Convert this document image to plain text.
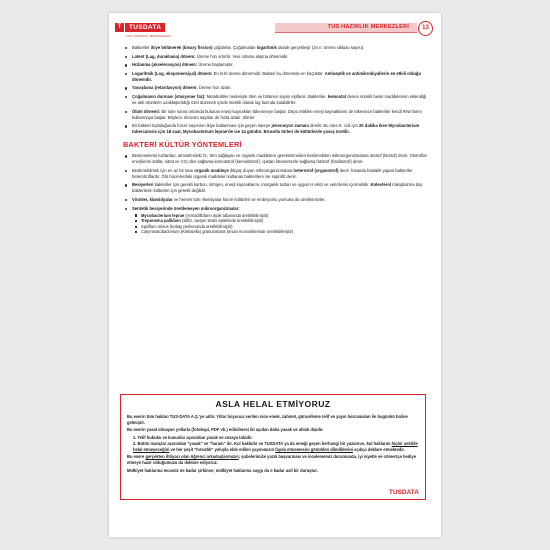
T	TUSDATA
TUS HAZIRLIK MERKEZLERİ
TUS HAZIRLIK MERKEZLERİ	13
Bakteriler ikiye bölünerek (binary fission) çoğalırlar. Çoğalmaları logaritmik olarak gerçekleşir (2n n: üreme siklusu sayısı).
Latent (Lag, duraklama) dönem: Üreme hızı sıfırdır. Yeni ortama alışma dönemidir.
Hızlanma (akselerasyon) dönem: Üreme başlamıştır.
Logaritmik (Log, eksponensiyal) dönem: En hızlı üreme dönemidir. Bakteri bu dönemde en küçüktür. Antiseptik ve antimikrobiyallerin en etkili olduğu dönemdir.
Yavaşlama (retardasyon) dönem: Üreme hızı azalır.
Çoğalmanın durması (stasyoner faz): Metabolitler nedeniyle ölen ve bölünen sayısı eşitlenir. Bakteriler, kemostat denen sürekli besin maddelerinin eklendiği ve atık ürünlerin uzaklaştırıldığı özel düzenek içinde sürekli olarak log fazında kalabilirler.
Ölüm dönemi: Bir süre sonra ortamda bulunan enerji kaynakları tükenmeye başlar. Depo ettikleri enerji kaynaklarıni de tükenince bakteriler kendi RNA'larını kullanmaya başlar. Böylece ribozom sayıları de hızla azalır, ölürler.
Bir bakteri topluluğunda hücre sayısının ikiye katlanması için geçen süreye jenerasyon zamanı denilir. Bu süre E. coli için 20 dakika iken Mycobacterium tuberculosis için 18 saat, Mycobacterium leprae'de ise 14 gündür. Brucella türleri de kültürlerde yavaş üretilir.
BAKTERİ KÜLTÜR YÖNTEMLERİ
Besinmelerini tuzlardan, atmosferdeki O₂ 'den sağlayan ve organik maddelere gereksinmeden beslenebilen mikroorganizmalara ototrof (litotrof) denir. Ototroflar enerjilerini sülfat, nitrat ve CO₂'den sağlarsa kemototrof (kemolitotrof), ışıktan fotosentezle sağlarsa fototrof (fotolitotrof) denir.
Beslenebilmek için en az bir tane organik maddeye ihtiyaç duyan mikroorganizmalara heterotrof (organotrof) denir. İnsanda hastalık yapan bakteriler heterotroflardır. Ölü hücrelerdeki organik maddeleri kullanan bakterilere ise saprofit denir.
Besiyerleri bakteriler için gerekli karbon, nitrojen, enerji kaynaklarını, inorganik tuzları ve uygun H ekizi ve vericilerini içermelidir. Kolesterol mikoplazma dışı bakterilerin kültürleri için gerekli değildir.
Virüsler, klamidyalar ve hemen tüm riketsiyalar hücre kültürleri ve embriyonlu yumurta da üretilemezler.
Sentetik besiyerinde üretilemeyen mikroorganizmalar:
Mycobacterium leprae (Armadilloların ayak tabanında üretilebilmiştir)
Treponema pallidum (sifiliz, tavşan testis epitelinde üretilebilmiştir)
Spirillum minus (kobay peritonunda üretilebilmiştir)
Calymmatobacterium (Klebsiella) granulomatis (insan monositlerinde üretilebilmiştir)
ASLA HELAL ETMİYORUZ

Bu eserin tüm hakları TUS-DATA A.Ş.'ye aittir. Yıllar boyunca verilen nice emek, zahmet, güncelleme telif ve yayın harcamaları ile bugünkü haline gelmiştir.

Bu eserin yasal olmayan yollarla (fotokopi, PDF vb.) edinilmesi iki açıdan daha yasak ve ahlak dışıdır.

1. Telif hukuku ve kanunlar açısından yasak ve cezaya tabidir.

2. Bütün inançlar açısından "yasak" ve "haram" dır. Kul hakkıdır ve TUSDATA ya da emeği geçen herhangi bir yazarının, kul haklarını hiçbir şekilde helal etmeyeceğini ve her çeşit "hırsızlık" yoluyla elde edilen yayınımızın fayda etmemesini gönülden dilediklerini açıkça deklare etmektedir.

Bu esere gerçekten ihtiyacı olan öğrenci arkadaşlarımızın; şubelerimize yazılı başvurması ve incelememiz durumunda, iyi niyetle ve cömertçe hediye etmeye hazır olduğumuzu da deklare ediyoruz.

Mülkiyet haklarına tecavüz ne kadar çirkinse; mülkiyet haklarına saygı da o kadar asil bir duruştur.

TUSDATA
